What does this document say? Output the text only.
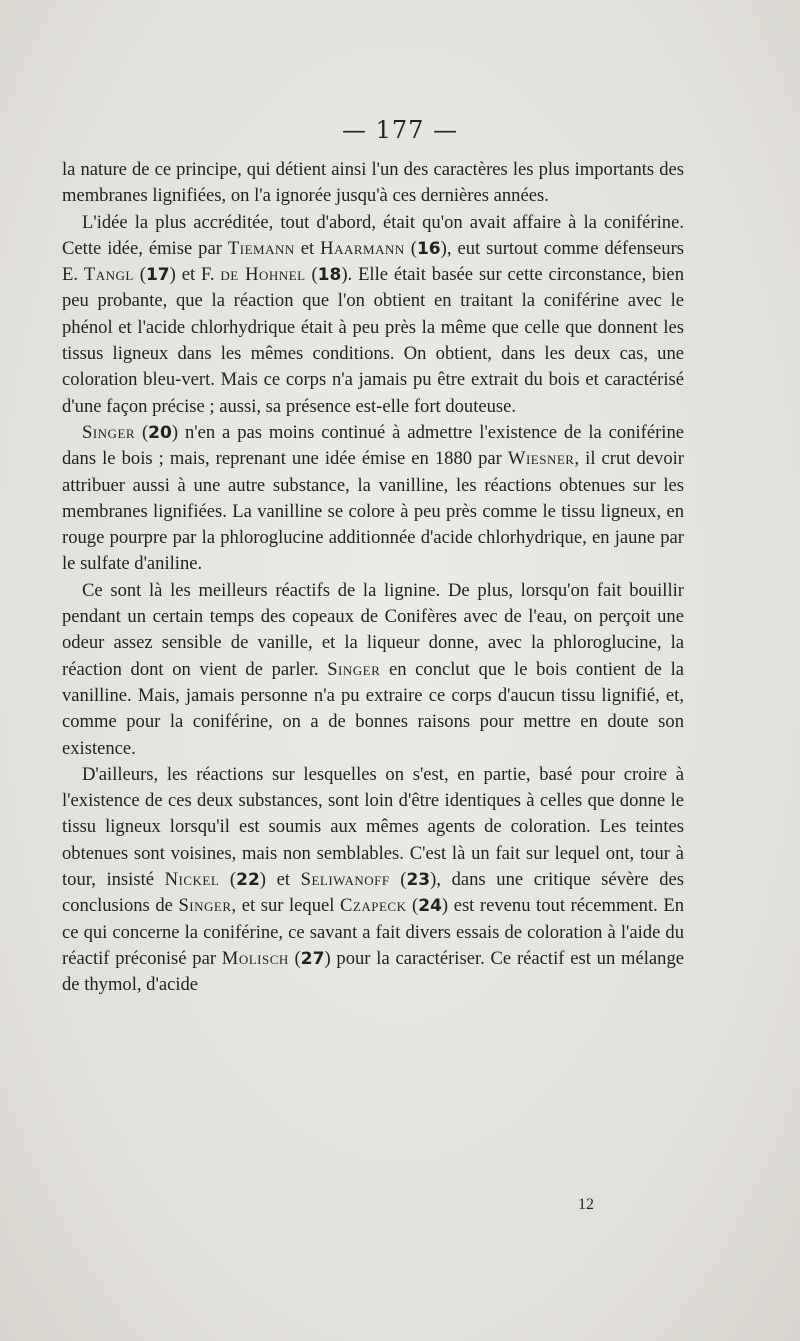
— 177 —

la nature de ce principe, qui détient ainsi l'un des caractères les plus importants des membranes lignifiées, on l'a ignorée jusqu'à ces dernières années.

L'idée la plus accréditée, tout d'abord, était qu'on avait affaire à la coniférine. Cette idée, émise par Tiemann et Haarmann (16), eut surtout comme défenseurs E. Tangl (17) et F. de Hohnel (18). Elle était basée sur cette circonstance, bien peu probante, que la réaction que l'on obtient en traitant la coniférine avec le phénol et l'acide chlorhydrique était à peu près la même que celle que donnent les tissus ligneux dans les mêmes conditions. On obtient, dans les deux cas, une coloration bleu-vert. Mais ce corps n'a jamais pu être extrait du bois et caractérisé d'une façon précise ; aussi, sa présence est-elle fort douteuse.

Singer (20) n'en a pas moins continué à admettre l'existence de la coniférine dans le bois ; mais, reprenant une idée émise en 1880 par Wiesner, il crut devoir attribuer aussi à une autre substance, la vanilline, les réactions obtenues sur les membranes lignifiées. La vanilline se colore à peu près comme le tissu ligneux, en rouge pourpre par la phloroglucine additionnée d'acide chlorhydrique, en jaune par le sulfate d'aniline.

Ce sont là les meilleurs réactifs de la lignine. De plus, lorsqu'on fait bouillir pendant un certain temps des copeaux de Conifères avec de l'eau, on perçoit une odeur assez sensible de vanille, et la liqueur donne, avec la phloroglucine, la réaction dont on vient de parler. Singer en conclut que le bois contient de la vanilline. Mais, jamais personne n'a pu extraire ce corps d'aucun tissu lignifié, et, comme pour la coniférine, on a de bonnes raisons pour mettre en doute son existence.

D'ailleurs, les réactions sur lesquelles on s'est, en partie, basé pour croire à l'existence de ces deux substances, sont loin d'être identiques à celles que donne le tissu ligneux lorsqu'il est soumis aux mêmes agents de coloration. Les teintes obtenues sont voisines, mais non semblables. C'est là un fait sur lequel ont, tour à tour, insisté Nickel (22) et Seliwanoff (23), dans une critique sévère des conclusions de Singer, et sur lequel Czapeck (24) est revenu tout récemment. En ce qui concerne la coniférine, ce savant a fait divers essais de coloration à l'aide du réactif préconisé par Molisch (27) pour la caractériser. Ce réactif est un mélange de thymol, d'acide

12
